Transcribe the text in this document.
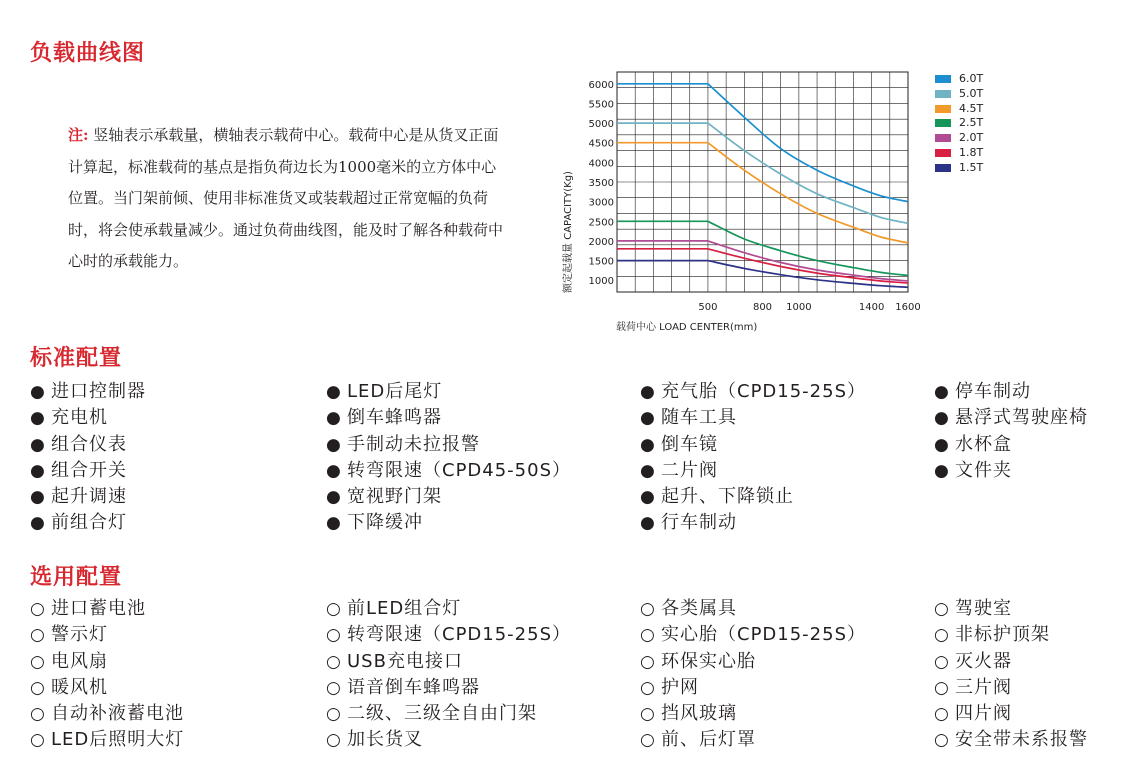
负载曲线图
注: 竖轴表示承载量，横轴表示载荷中心。载荷中心是从货叉正面计算起，标准载荷的基点是指负荷边长为1000毫米的立方体中心位置。当门架前倾、使用非标准货叉或装载超过正常宽幅的负荷时，将会使承载量减少。通过负荷曲线图，能及时了解各种载荷中心时的承载能力。
1000
1500
2000
2500
3000
3500
4000
4500
5000
5500
6000
500	800 1000	1400 1600
额定起载量 CAPACITY(Kg)
载荷中心 LOAD CENTER(mm)
6.0T
5.0T
4.5T
2.5T
2.0T
1.8T
1.5T
标准配置
● 进口控制器
● 充电机
● 组合仪表
● 组合开关
● 起升调速
● 前组合灯
● LED后尾灯
● 倒车蜂鸣器
● 手制动未拉报警
● 转弯限速（CPD45-50S）
● 宽视野门架
● 下降缓冲
● 充气胎（CPD15-25S）
● 随车工具
● 倒车镜
● 二片阀
● 起升、下降锁止
● 行车制动
● 停车制动
● 悬浮式驾驶座椅
● 水杯盒
● 文件夹
选用配置
○ 进口蓄电池
○ 警示灯
○ 电风扇
○ 暖风机
○ 自动补液蓄电池
○ LED后照明大灯
○ 前LED组合灯
○ 转弯限速（CPD15-25S）
○ USB充电接口
○ 语音倒车蜂鸣器
○ 二级、三级全自由门架
○ 加长货叉
○ 各类属具
○ 实心胎（CPD15-25S）
○ 环保实心胎
○ 护网
○ 挡风玻璃
○ 前、后灯罩
○ 驾驶室
○ 非标护顶架
○ 灭火器
○ 三片阀
○ 四片阀
○ 安全带未系报警
